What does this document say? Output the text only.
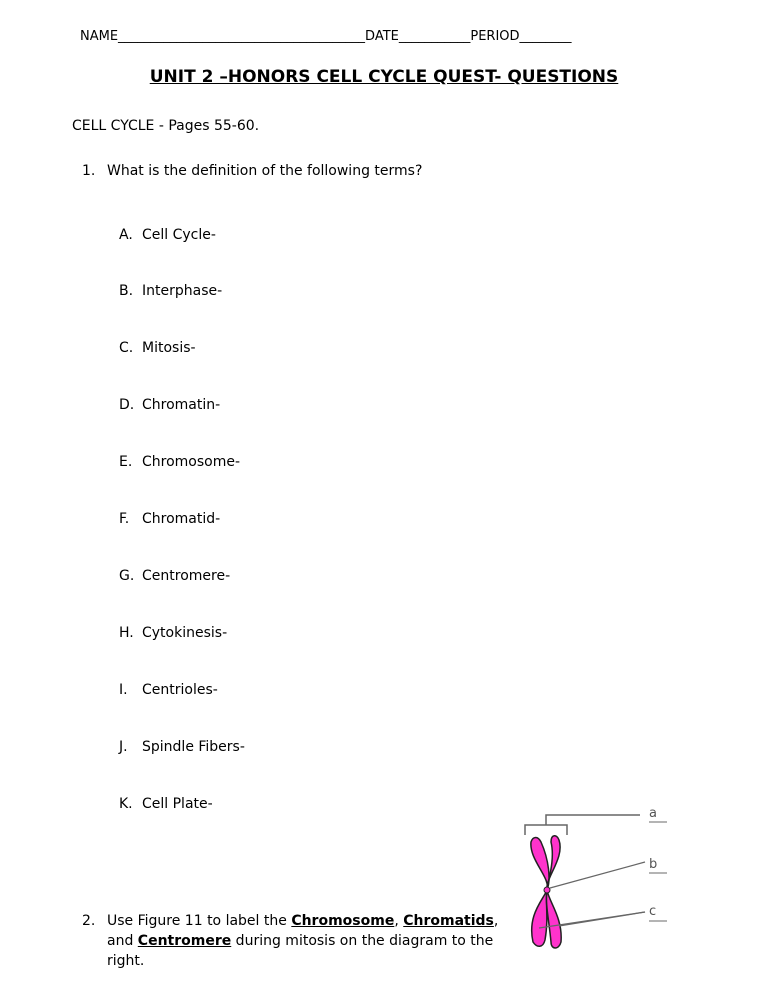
NAME______________________________________DATE___________PERIOD________
UNIT 2 –HONORS CELL CYCLE QUEST- QUESTIONS
CELL CYCLE - Pages 55-60.
1. What is the definition of the following terms?
A. Cell Cycle-
B. Interphase-
C. Mitosis-
D. Chromatin-
E. Chromosome-
F. Chromatid-
G. Centromere-
H. Cytokinesis-
I. Centrioles-
J. Spindle Fibers-
K. Cell Plate-
2. Use Figure 11 to label the Chromosome, Chromatids, and Centromere during mitosis on the diagram to the right.
a
b
c
